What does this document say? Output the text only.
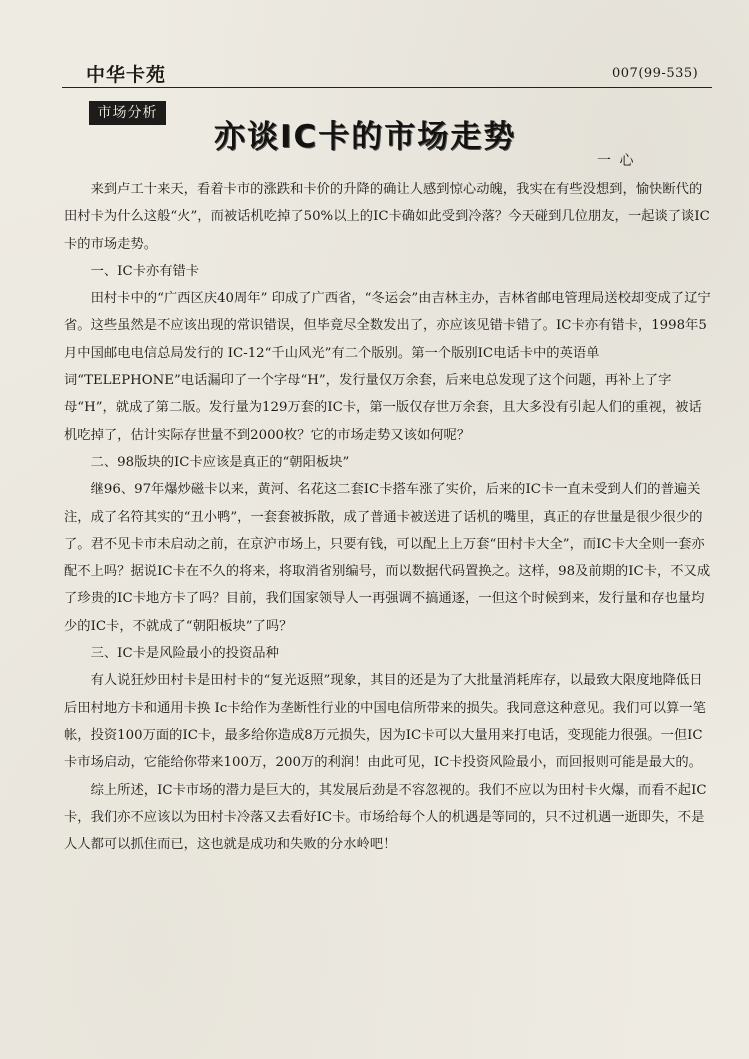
中华卡苑	007(99-535)
市场分析
亦谈IC卡的市场走势
一 心

来到卢工十来天，看着卡市的涨跌和卡价的升降的确让人感到惊心动魄，我实在有些没想到，愉快断代的田村卡为什么这般“火”，而被话机吃掉了50%以上的IC卡确如此受到冷落？今天碰到几位朋友，一起谈了谈IC卡的市场走势。

一、IC卡亦有错卡

田村卡中的“广西区庆40周年” 印成了广西省，“冬运会”由吉林主办，吉林省邮电管理局送校却变成了辽宁省。这些虽然是不应该出现的常识错误，但毕竟尽全数发出了，亦应该见错卡错了。IC卡亦有错卡，1998年5月中国邮电电信总局发行的 IC-12“千山风光”有二个版别。第一个版别IC电话卡中的英语单词“TELEPHONE”电话漏印了一个字母“H”，发行量仅万余套，后来电总发现了这个问题，再补上了字母“H”，就成了第二版。发行量为129万套的IC卡，第一版仅存世万余套，且大多没有引起人们的重视，被话机吃掉了，估计实际存世量不到2000枚？它的市场走势又该如何呢？

二、98版块的IC卡应该是真正的“朝阳板块”

继96、97年爆炒磁卡以来，黄河、名花这二套IC卡搭车涨了实价，后来的IC卡一直未受到人们的普遍关注，成了名符其实的“丑小鸭”，一套套被拆散，成了普通卡被送进了话机的嘴里，真正的存世量是很少很少的了。君不见卡市未启动之前，在京沪市场上，只要有钱，可以配上上万套“田村卡大全”，而IC卡大全则一套亦配不上吗？据说IC卡在不久的将来，将取消省别编号，而以数据代码置换之。这样，98及前期的IC卡，不又成了珍贵的IC卡地方卡了吗？目前，我们国家领导人一再强调不搞通逐，一但这个时候到来，发行量和存也量均少的IC卡，不就成了“朝阳板块”了吗？

三、IC卡是风险最小的投资品种

有人说狂炒田村卡是田村卡的“复光返照”现象，其目的还是为了大批量消耗库存，以最致大限度地降低日后田村地方卡和通用卡换 Ic卡给作为垄断性行业的中国电信所带来的损失。我同意这种意见。我们可以算一笔帐，投资100万面的IC卡，最多给你造成8万元损失，因为IC卡可以大量用来打电话，变现能力很强。一但IC卡市场启动，它能给你带来100万，200万的利润！由此可见，IC卡投资风险最小，而回报则可能是最大的。

综上所述，IC卡市场的潜力是巨大的，其发展后劲是不容忽视的。我们不应以为田村卡火爆，而看不起IC卡，我们亦不应该以为田村卡冷落又去看好IC卡。市场给每个人的机遇是等同的，只不过机遇一逝即失，不是人人都可以抓住而已，这也就是成功和失败的分水岭吧！
